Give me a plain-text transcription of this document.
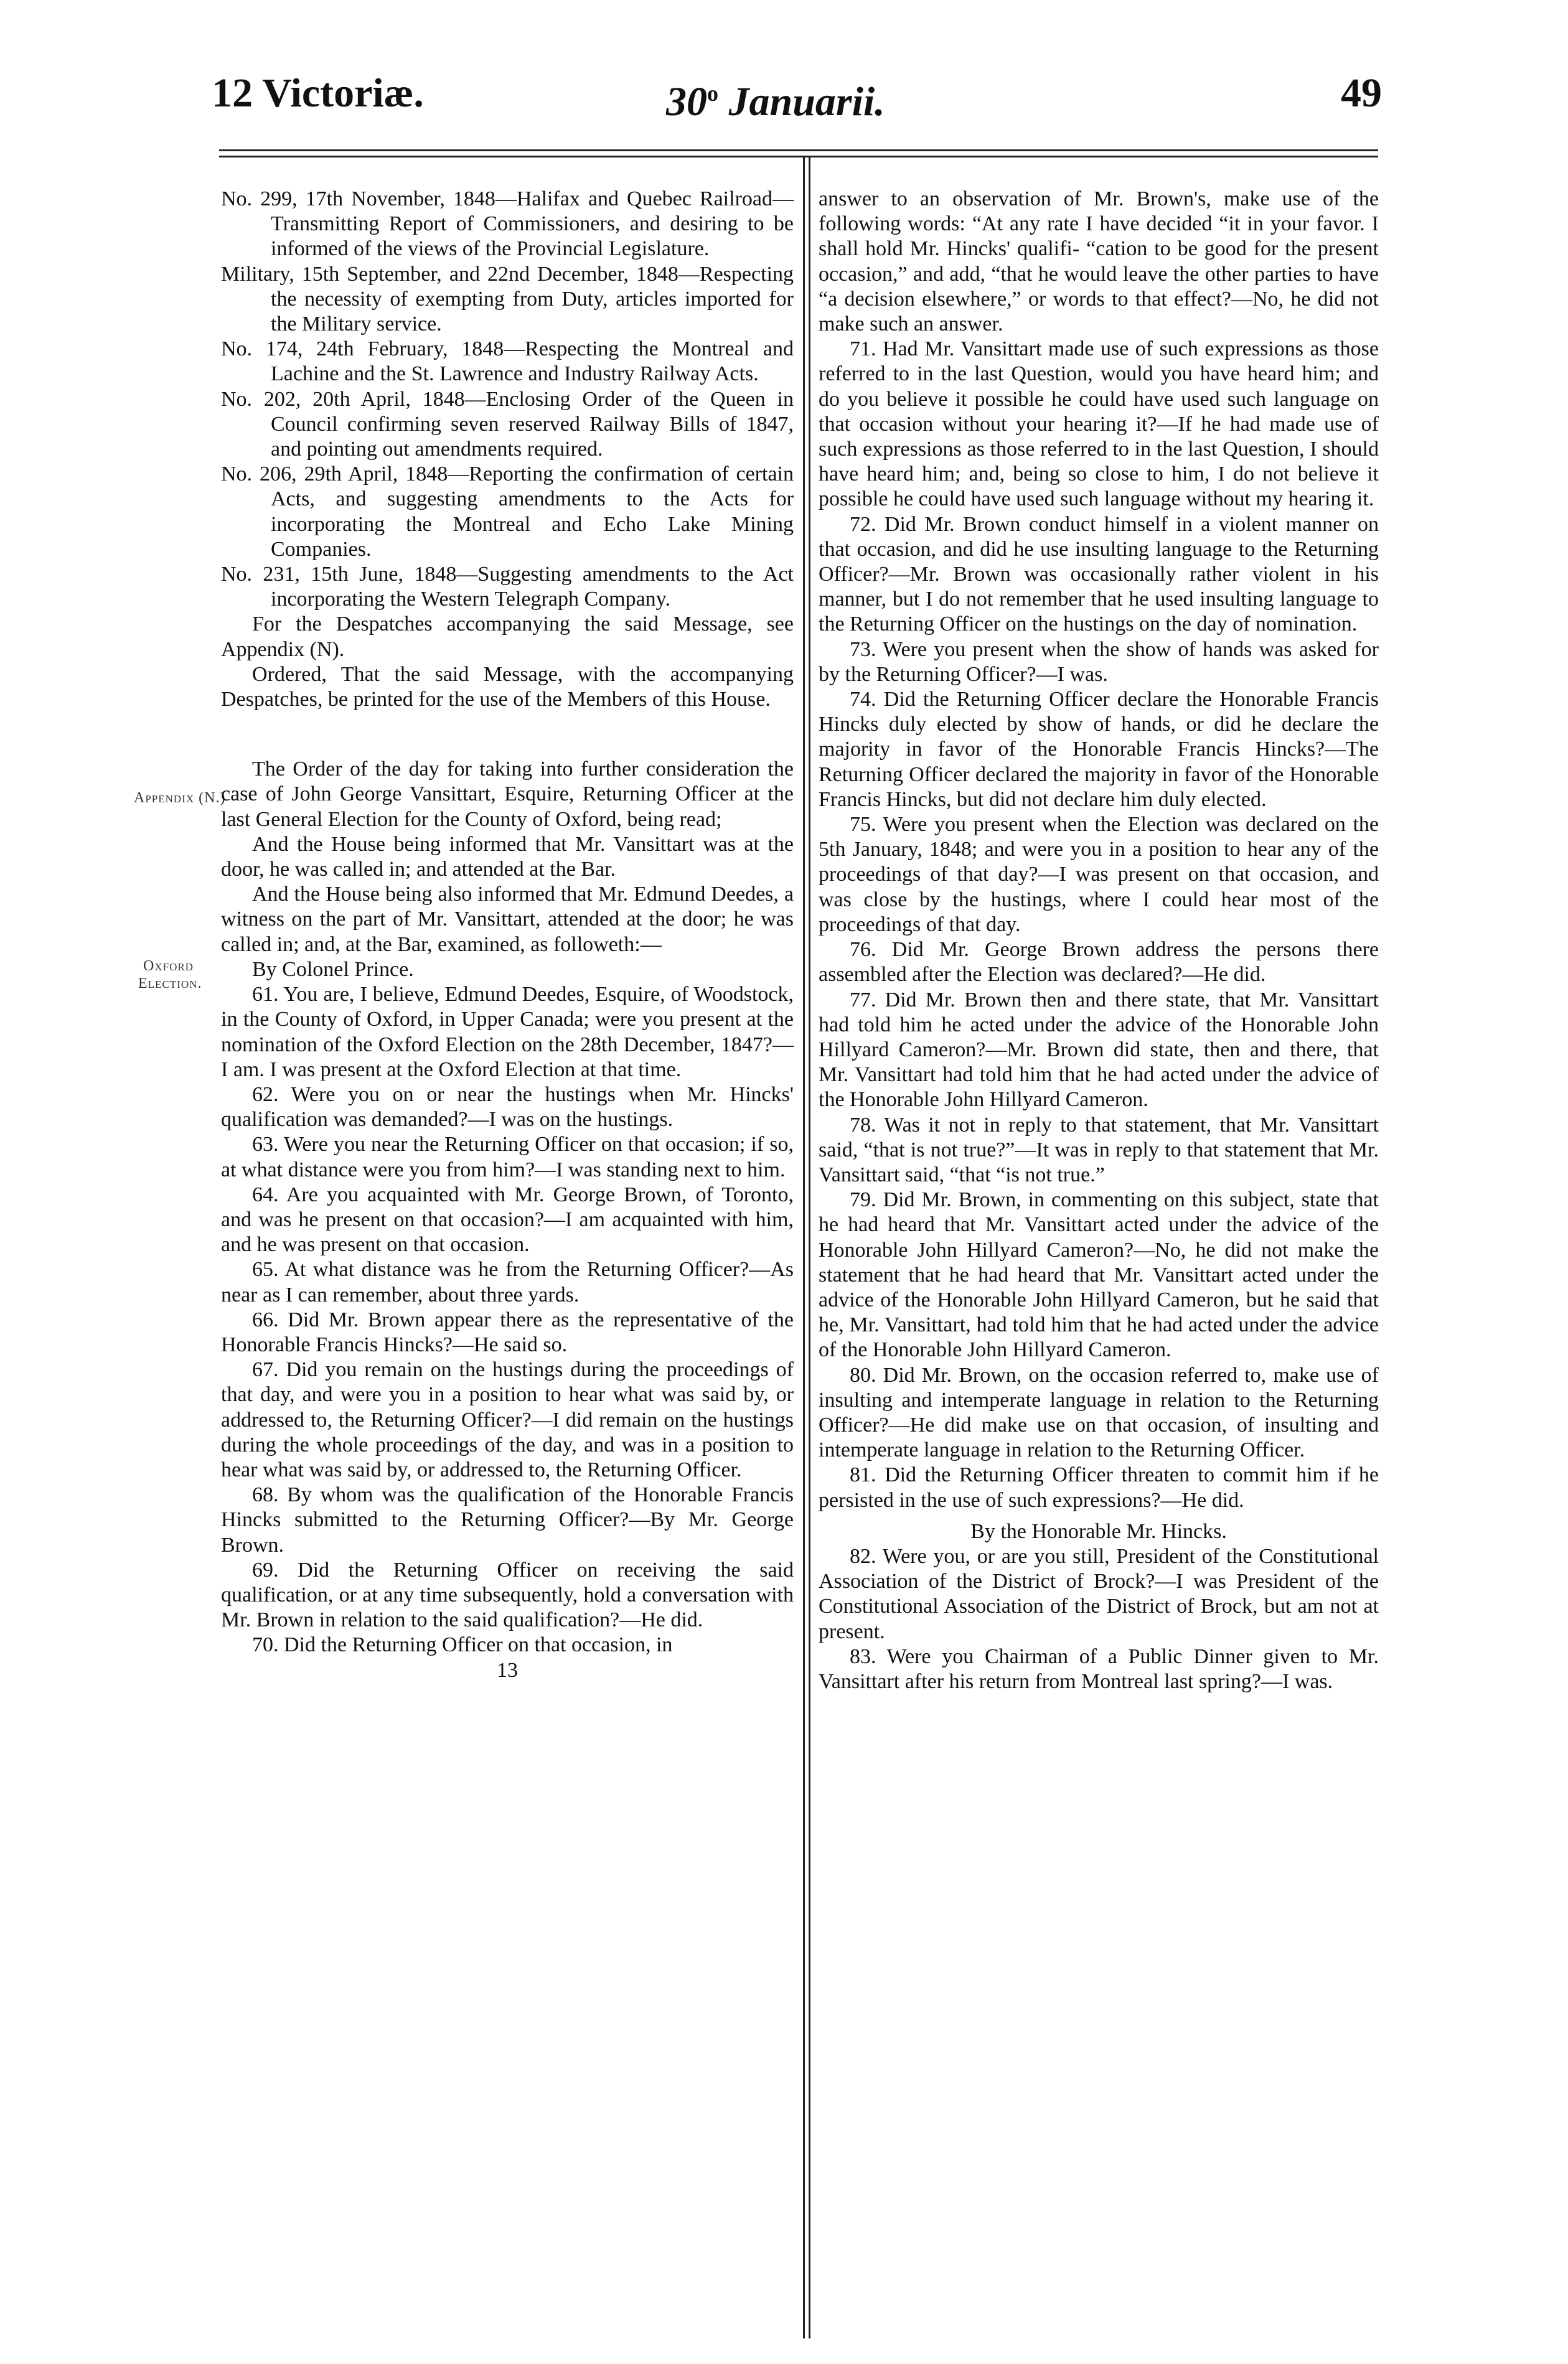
12 Victoriæ.	30$^o$ Januarii.	49
Appendix (N.)
Oxford
Election.

No. 299, 17th November, 1848—Halifax and Quebec Railroad—Transmitting Report of Commissioners, and desiring to be informed of the views of the Provincial Legislature.

Military, 15th September, and 22nd December, 1848—Respecting the necessity of exempting from Duty, articles imported for the Military service.

No. 174, 24th February, 1848—Respecting the Montreal and Lachine and the St. Lawrence and Industry Railway Acts.

No. 202, 20th April, 1848—Enclosing Order of the Queen in Council confirming seven reserved Railway Bills of 1847, and pointing out amendments required.

No. 206, 29th April, 1848—Reporting the confirmation of certain Acts, and suggesting amendments to the Acts for incorporating the Montreal and Echo Lake Mining Companies.

No. 231, 15th June, 1848—Suggesting amendments to the Act incorporating the Western Telegraph Company.

For the Despatches accompanying the said Message, see Appendix (N).

Ordered, That the said Message, with the accompanying Despatches, be printed for the use of the Members of this House.

The Order of the day for taking into further consideration the case of John George Vansittart, Esquire, Returning Officer at the last General Election for the County of Oxford, being read;

And the House being informed that Mr. Vansittart was at the door, he was called in; and attended at the Bar.

And the House being also informed that Mr. Edmund Deedes, a witness on the part of Mr. Vansittart, attended at the door; he was called in; and, at the Bar, examined, as followeth:—

By Colonel Prince.

61. You are, I believe, Edmund Deedes, Esquire, of Woodstock, in the County of Oxford, in Upper Canada; were you present at the nomination of the Oxford Election on the 28th December, 1847?—I am. I was present at the Oxford Election at that time.

62. Were you on or near the hustings when Mr. Hincks' qualification was demanded?—I was on the hustings.

63. Were you near the Returning Officer on that occasion; if so, at what distance were you from him?—I was standing next to him.

64. Are you acquainted with Mr. George Brown, of Toronto, and was he present on that occasion?—I am acquainted with him, and he was present on that occasion.

65. At what distance was he from the Returning Officer?—As near as I can remember, about three yards.

66. Did Mr. Brown appear there as the representative of the Honorable Francis Hincks?—He said so.

67. Did you remain on the hustings during the proceedings of that day, and were you in a position to hear what was said by, or addressed to, the Returning Officer?—I did remain on the hustings during the whole proceedings of the day, and was in a position to hear what was said by, or addressed to, the Returning Officer.

68. By whom was the qualification of the Honorable Francis Hincks submitted to the Returning Officer?—By Mr. George Brown.

69. Did the Returning Officer on receiving the said qualification, or at any time subsequently, hold a conversation with Mr. Brown in relation to the said qualification?—He did.

70. Did the Returning Officer on that occasion, in

13

answer to an observation of Mr. Brown's, make use of the following words: “At any rate I have decided “it in your favor. I shall hold Mr. Hincks' qualifi- “cation to be good for the present occasion,” and add, “that he would leave the other parties to have “a decision elsewhere,” or words to that effect?—No, he did not make such an answer.

71. Had Mr. Vansittart made use of such expressions as those referred to in the last Question, would you have heard him; and do you believe it possible he could have used such language on that occasion without your hearing it?—If he had made use of such expressions as those referred to in the last Question, I should have heard him; and, being so close to him, I do not believe it possible he could have used such language without my hearing it.

72. Did Mr. Brown conduct himself in a violent manner on that occasion, and did he use insulting language to the Returning Officer?—Mr. Brown was occasionally rather violent in his manner, but I do not remember that he used insulting language to the Returning Officer on the hustings on the day of nomination.

73. Were you present when the show of hands was asked for by the Returning Officer?—I was.

74. Did the Returning Officer declare the Honorable Francis Hincks duly elected by show of hands, or did he declare the majority in favor of the Honorable Francis Hincks?—The Returning Officer declared the majority in favor of the Honorable Francis Hincks, but did not declare him duly elected.

75. Were you present when the Election was declared on the 5th January, 1848; and were you in a position to hear any of the proceedings of that day?—I was present on that occasion, and was close by the hustings, where I could hear most of the proceedings of that day.

76. Did Mr. George Brown address the persons there assembled after the Election was declared?—He did.

77. Did Mr. Brown then and there state, that Mr. Vansittart had told him he acted under the advice of the Honorable John Hillyard Cameron?—Mr. Brown did state, then and there, that Mr. Vansittart had told him that he had acted under the advice of the Honorable John Hillyard Cameron.

78. Was it not in reply to that statement, that Mr. Vansittart said, “that is not true?”—It was in reply to that statement that Mr. Vansittart said, “that “is not true.”

79. Did Mr. Brown, in commenting on this subject, state that he had heard that Mr. Vansittart acted under the advice of the Honorable John Hillyard Cameron?—No, he did not make the statement that he had heard that Mr. Vansittart acted under the advice of the Honorable John Hillyard Cameron, but he said that he, Mr. Vansittart, had told him that he had acted under the advice of the Honorable John Hillyard Cameron.

80. Did Mr. Brown, on the occasion referred to, make use of insulting and intemperate language in relation to the Returning Officer?—He did make use on that occasion, of insulting and intemperate language in relation to the Returning Officer.

81. Did the Returning Officer threaten to commit him if he persisted in the use of such expressions?—He did.

By the Honorable Mr. Hincks.

82. Were you, or are you still, President of the Constitutional Association of the District of Brock?—I was President of the Constitutional Association of the District of Brock, but am not at present.

83. Were you Chairman of a Public Dinner given to Mr. Vansittart after his return from Montreal last spring?—I was.
